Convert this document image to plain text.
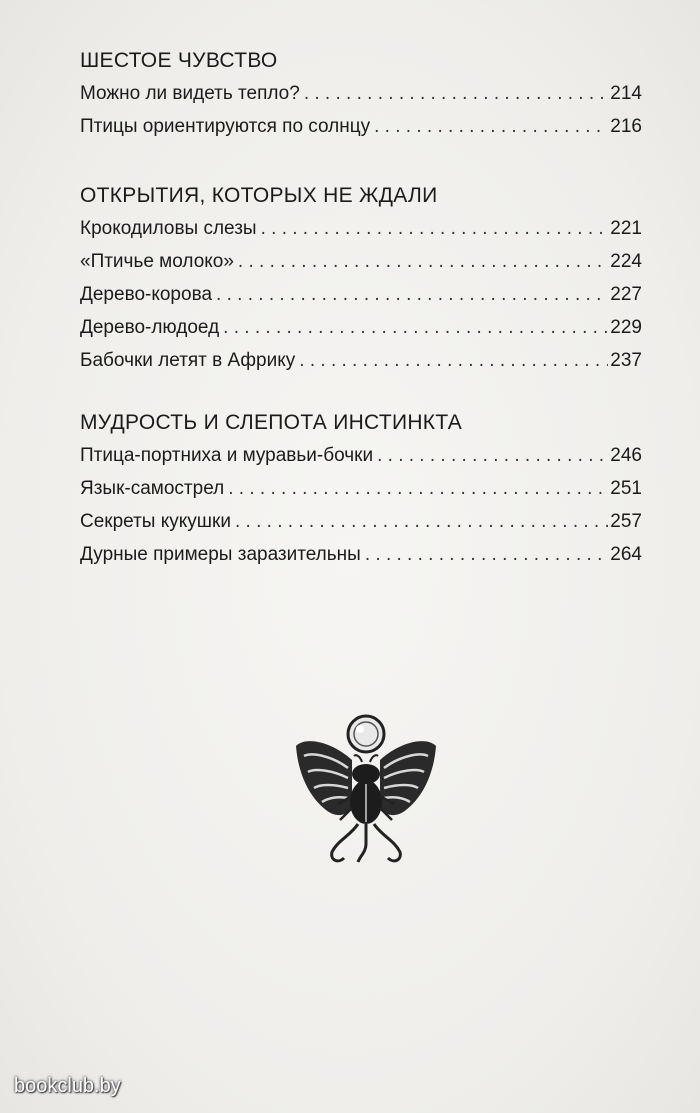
ШЕСТОЕ ЧУВСТВО
Можно ли видеть тепло? . . .	214
Птицы ориентируются по солнцу . . .	216
ОТКРЫТИЯ, КОТОРЫХ НЕ ЖДАЛИ
Крокодиловы слезы . . .	221
«Птичье молоко» . . .	224
Дерево-корова . . .	227
Дерево-людоед . . .	229
Бабочки летят в Африку . . .	237
МУДРОСТЬ И СЛЕПОТА ИНСТИНКТА
Птица-портниха и муравьи-бочки . . .	246
Язык-самострел . . .	251
Секреты кукушки . . .	257
Дурные примеры заразительны . . .	264
bookclub.by
